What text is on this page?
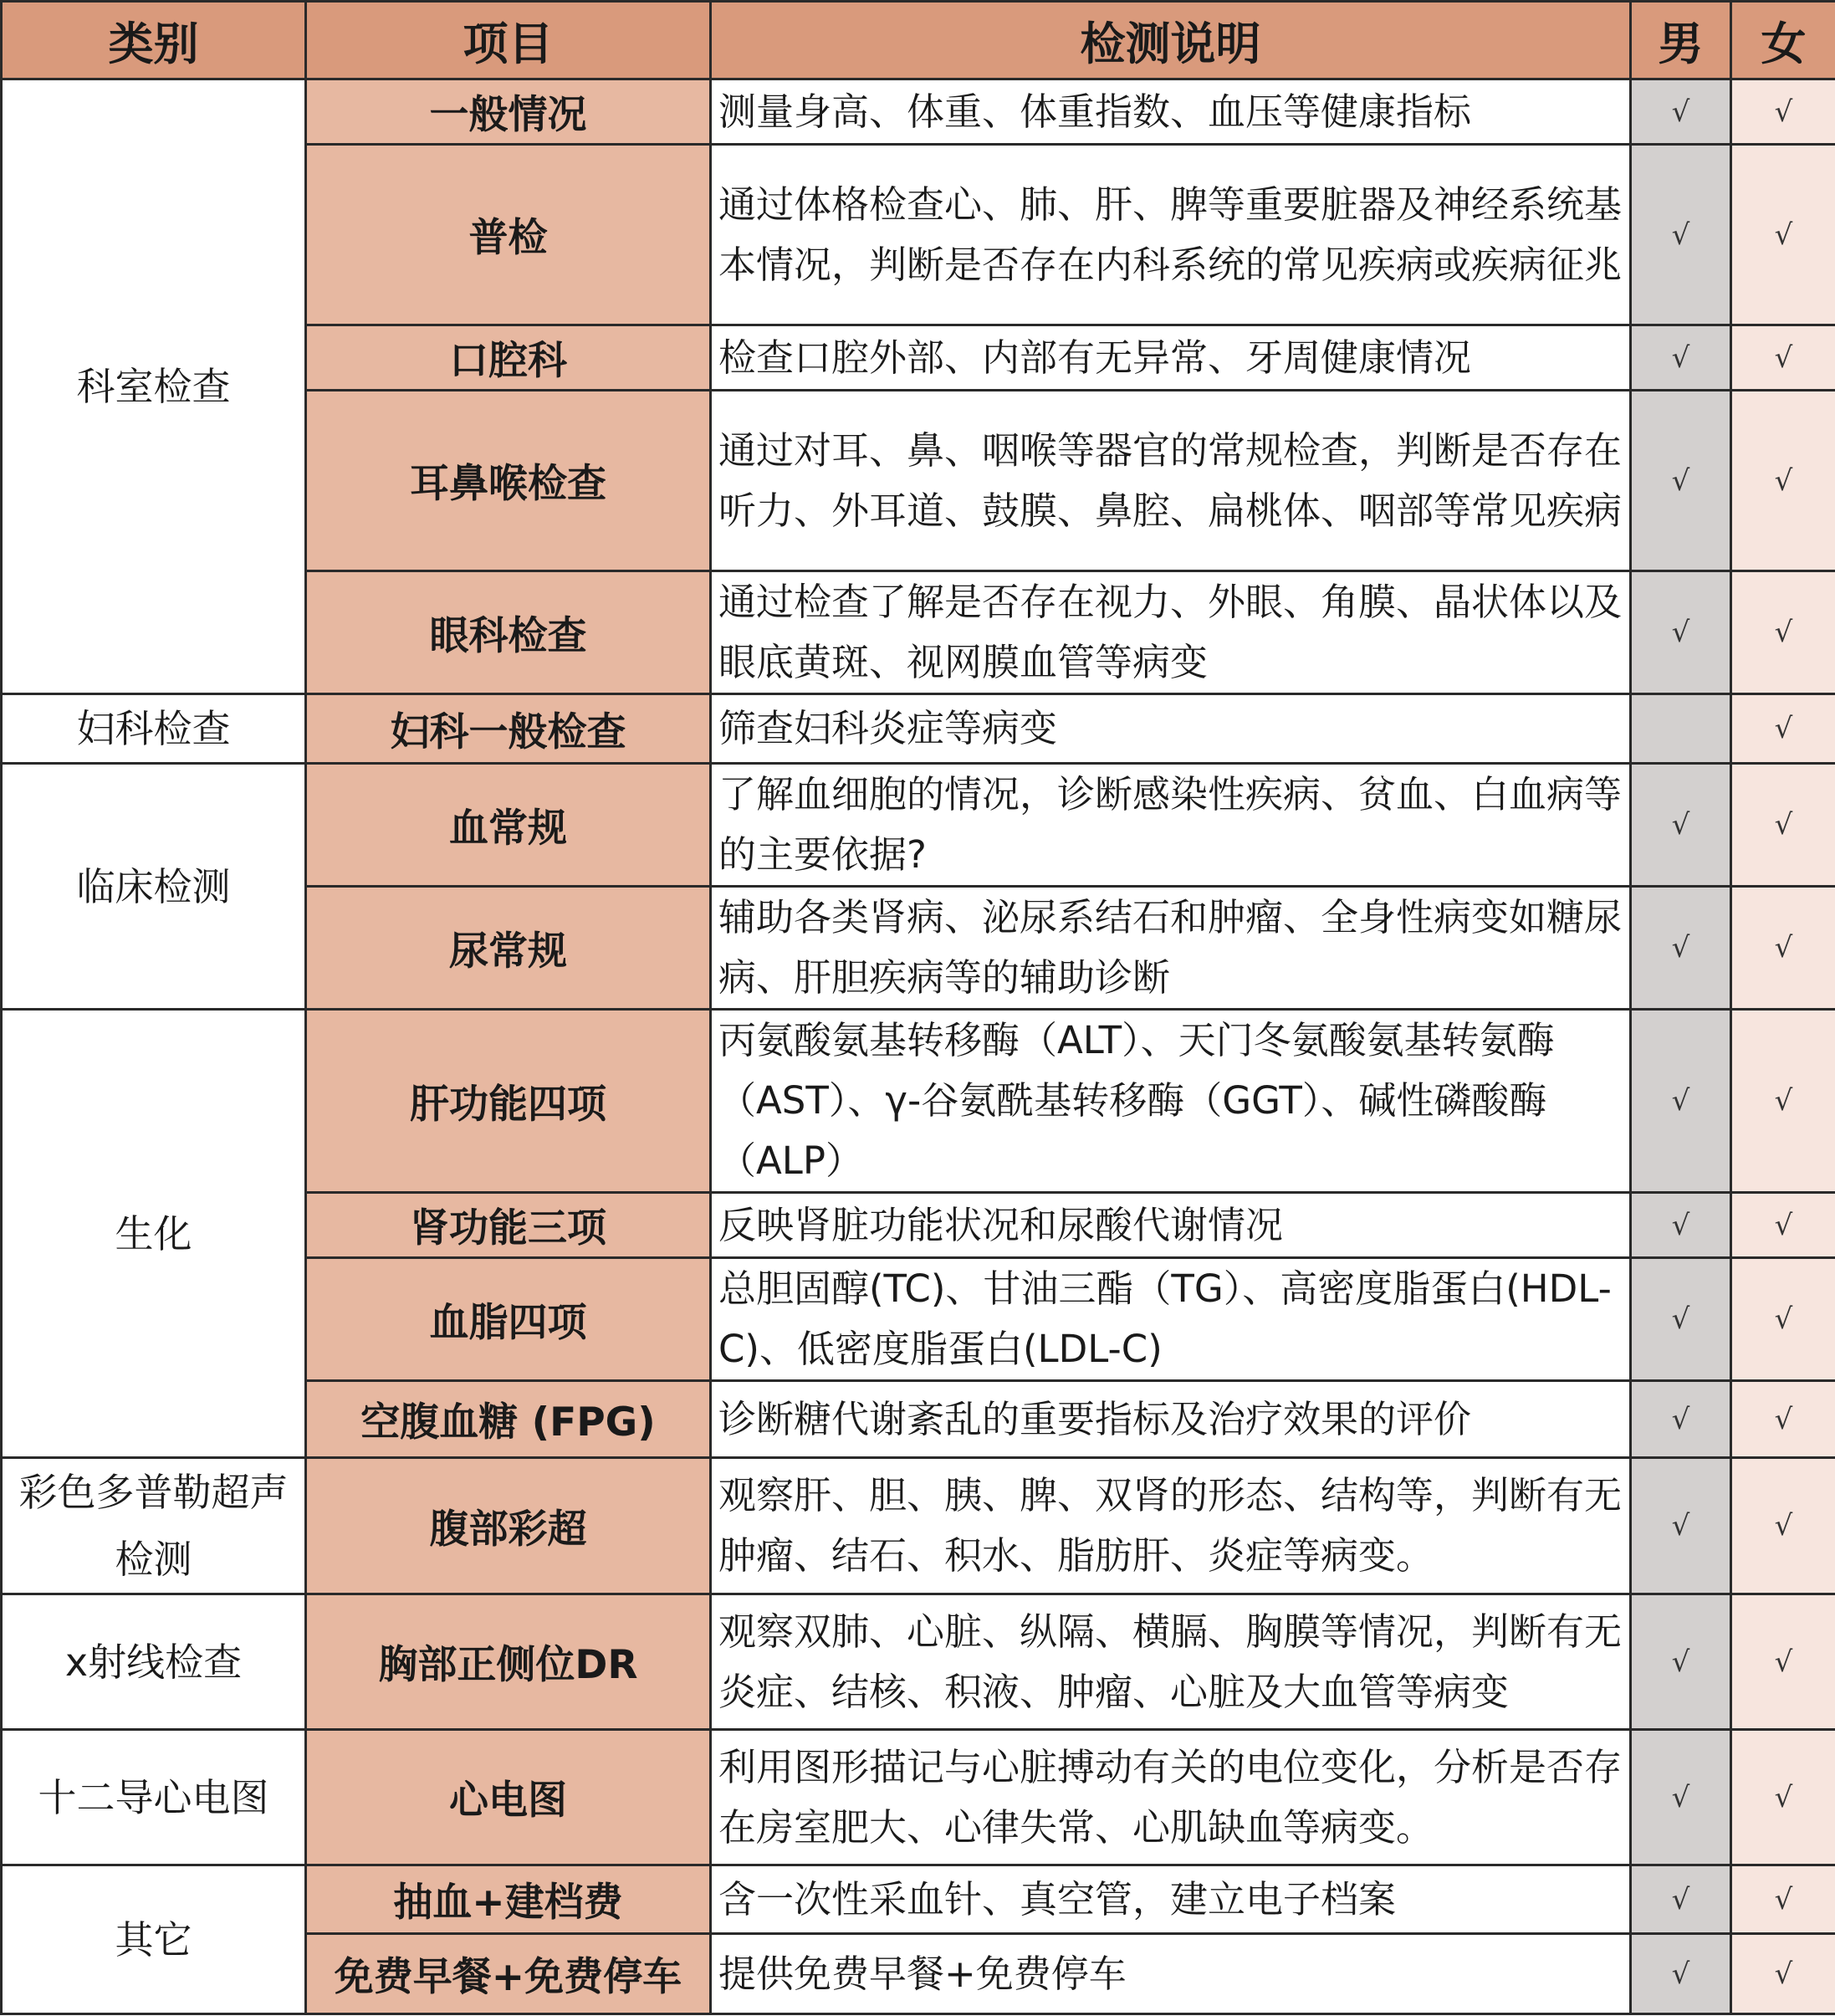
类别	项目	检测说明	男	女
科室检查	一般情况	测量身高、体重、体重指数、血压等健康指标	√	√
	普检	通过体格检查心、肺、肝、脾等重要脏器及神经系统基本情况，判断是否存在内科系统的常见疾病或疾病征兆	√	√
	口腔科	检查口腔外部、内部有无异常、牙周健康情况	√	√
	耳鼻喉检查	通过对耳、鼻、咽喉等器官的常规检查，判断是否存在听力、外耳道、鼓膜、鼻腔、扁桃体、咽部等常见疾病	√	√
	眼科检查	通过检查了解是否存在视力、外眼、角膜、晶状体以及眼底黄斑、视网膜血管等病变	√	√
妇科检查	妇科一般检查	筛查妇科炎症等病变		√
临床检测	血常规	了解血细胞的情况，诊断感染性疾病、贫血、白血病等的主要依据?	√	√
	尿常规	辅助各类肾病、泌尿系结石和肿瘤、全身性病变如糖尿病、肝胆疾病等的辅助诊断	√	√
生化	肝功能四项	丙氨酸氨基转移酶（ALT）、天门冬氨酸氨基转氨酶（AST）、γ-谷氨酰基转移酶（GGT）、碱性磷酸酶（ALP）	√	√
	肾功能三项	反映肾脏功能状况和尿酸代谢情况	√	√
	血脂四项	总胆固醇(TC)、甘油三酯（TG）、高密度脂蛋白(HDL-C)、低密度脂蛋白(LDL-C)	√	√
	空腹血糖 (FPG)	诊断糖代谢紊乱的重要指标及治疗效果的评价	√	√
彩色多普勒超声检测	腹部彩超	观察肝、胆、胰、脾、双肾的形态、结构等，判断有无肿瘤、结石、积水、脂肪肝、炎症等病变。	√	√
x射线检查	胸部正侧位DR	观察双肺、心脏、纵隔、横膈、胸膜等情况，判断有无炎症、结核、积液、肿瘤、心脏及大血管等病变	√	√
十二导心电图	心电图	利用图形描记与心脏搏动有关的电位变化，分析是否存在房室肥大、心律失常、心肌缺血等病变。	√	√
其它	抽血+建档费	含一次性采血针、真空管，建立电子档案	√	√
	免费早餐+免费停车	提供免费早餐+免费停车	√	√
